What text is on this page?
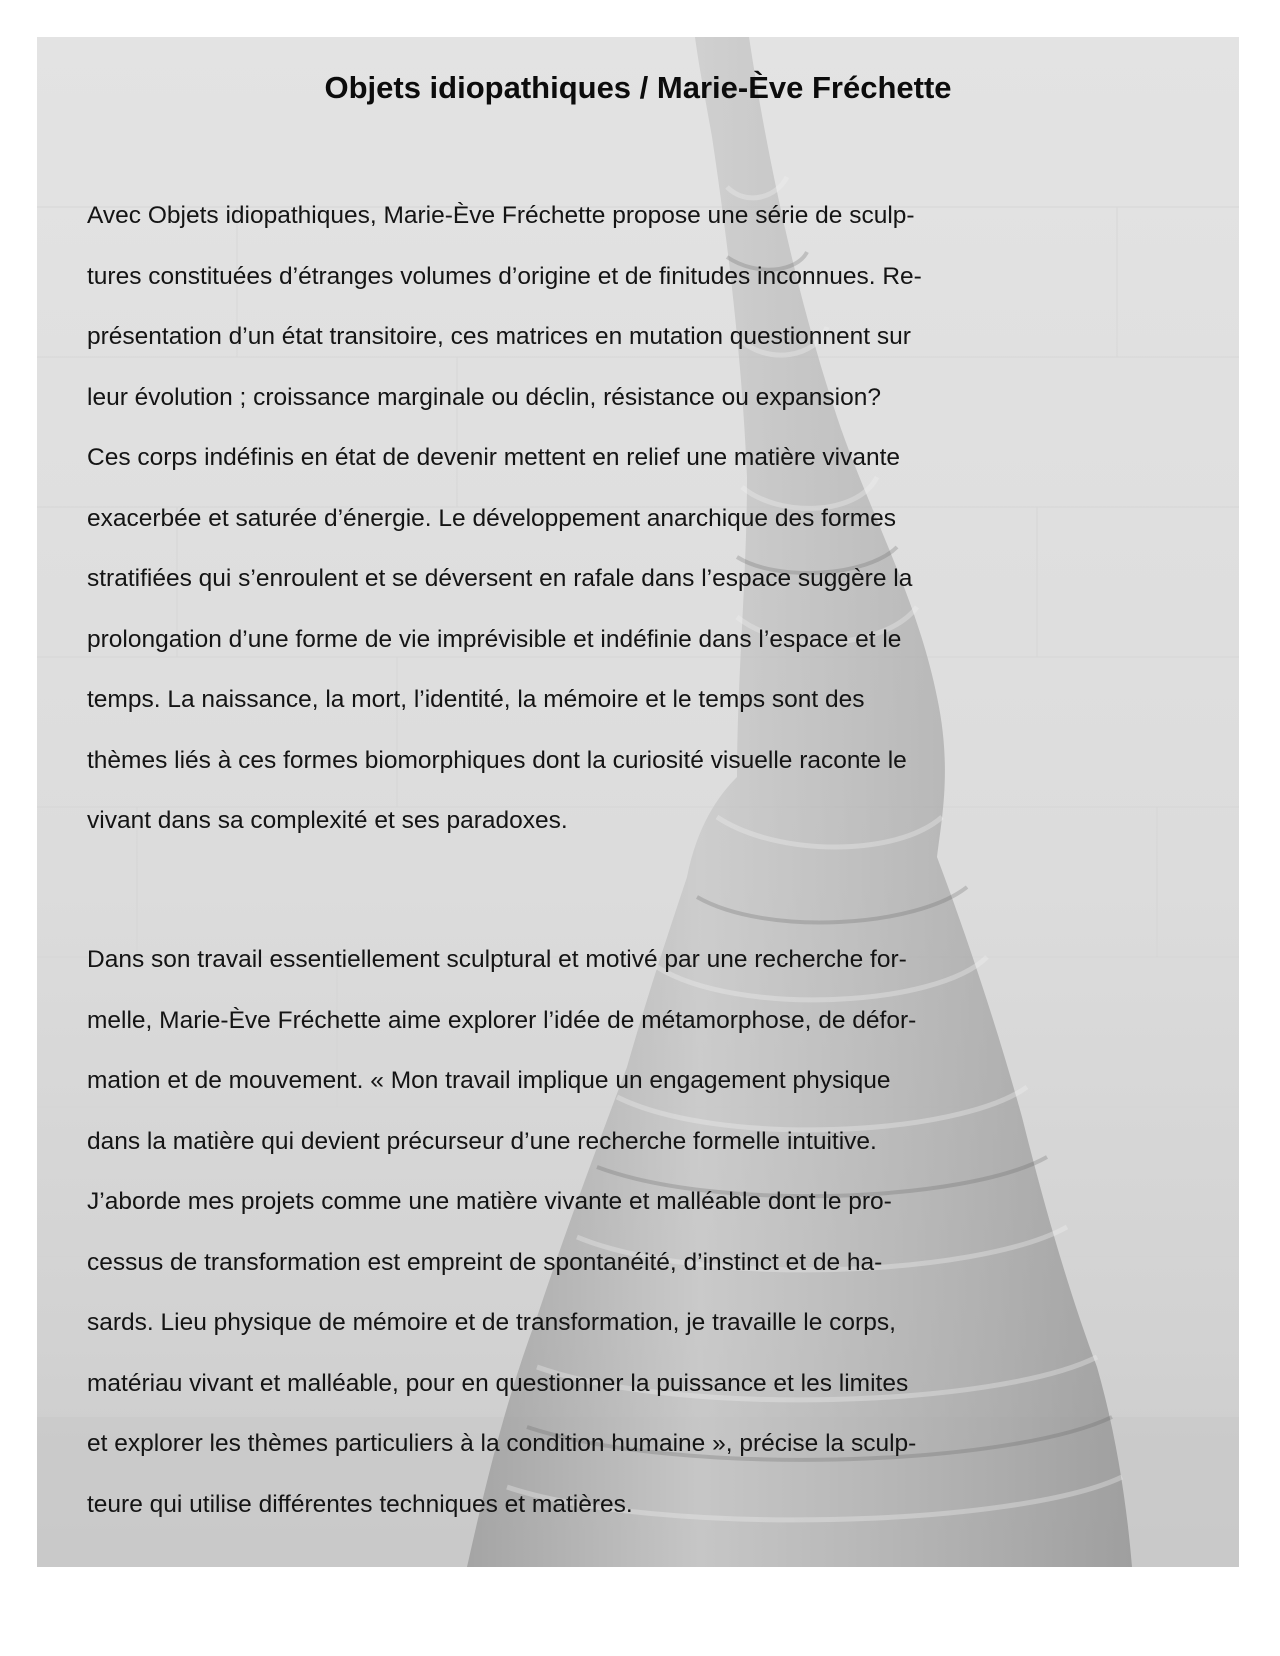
Objets idiopathiques / Marie-Ève Fréchette

Avec Objets idiopathiques, Marie-Ève Fréchette propose une série de sculp-
tures constituées d’étranges volumes d’origine et de finitudes inconnues. Re-
présentation d’un état transitoire, ces matrices en mutation questionnent sur
leur évolution ; croissance marginale ou déclin, résistance ou expansion?
Ces corps indéfinis en état de devenir mettent en relief une matière vivante
exacerbée et saturée d’énergie. Le développement anarchique des formes
stratifiées qui s’enroulent et se déversent en rafale dans l’espace suggère la
prolongation d’une forme de vie imprévisible et indéfinie dans l’espace et le
temps. La naissance, la mort, l’identité, la mémoire et le temps sont des
thèmes liés à ces formes biomorphiques dont la curiosité visuelle raconte le
vivant dans sa complexité et ses paradoxes.

Dans son travail essentiellement sculptural et motivé par une recherche for-
melle, Marie-Ève Fréchette aime explorer l’idée de métamorphose, de défor-
mation et de mouvement. « Mon travail implique un engagement physique
dans la matière qui devient précurseur d’une recherche formelle intuitive.
J’aborde mes projets comme une matière vivante et malléable dont le pro-
cessus de transformation est empreint de spontanéité, d’instinct et de ha-
sards. Lieu physique de mémoire et de transformation, je travaille le corps,
matériau vivant et malléable, pour en questionner la puissance et les limites
et explorer les thèmes particuliers à la condition humaine », précise la sculp-
teure qui utilise différentes techniques et matières.
